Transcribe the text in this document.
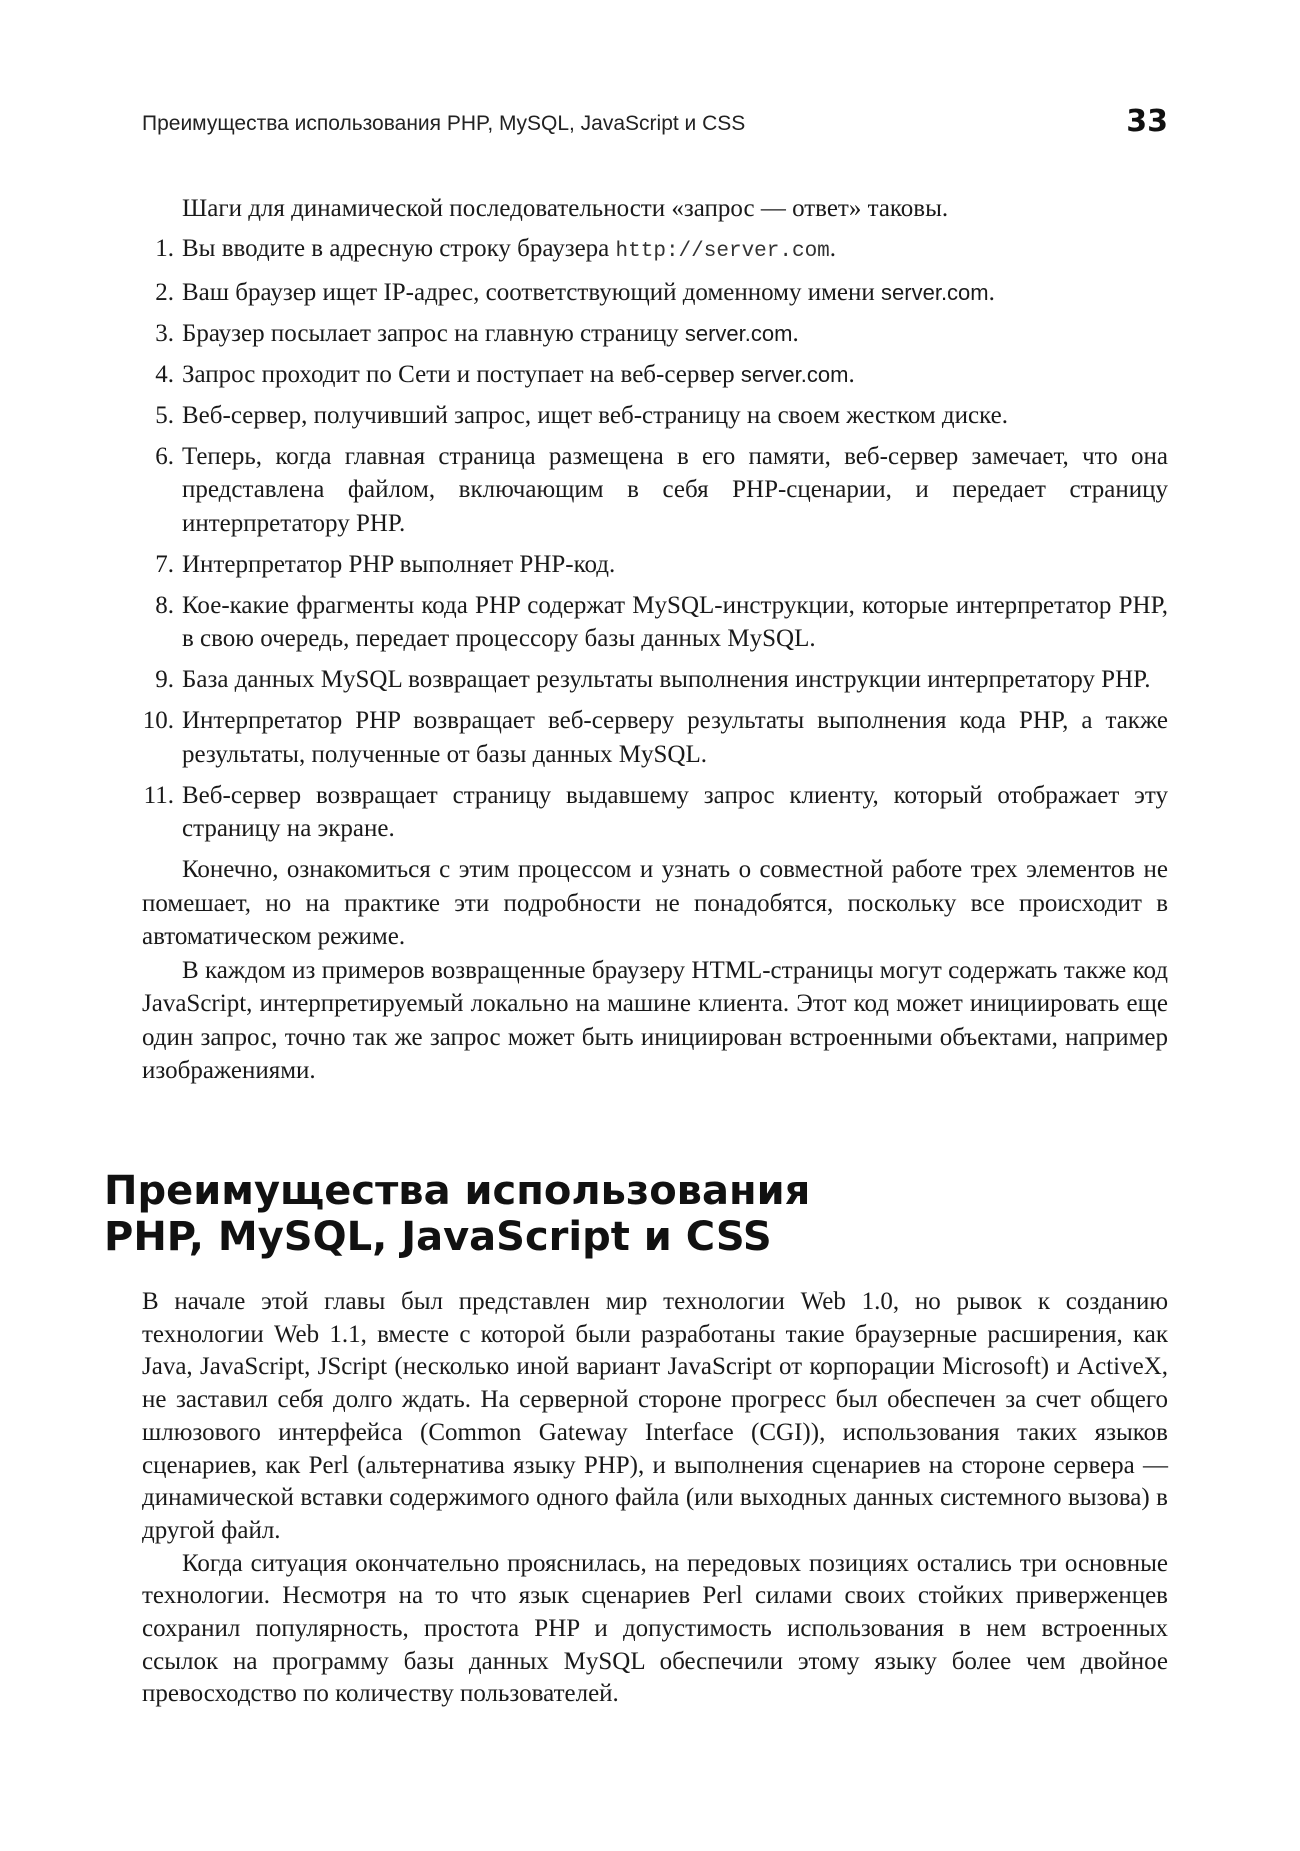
Преимущества использования PHP, MySQL, JavaScript и CSS	33

Шаги для динамической последовательности «запрос — ответ» таковы.

1 . Вы вводите в адресную строку браузера http://server.com.
2 . Ваш браузер ищет IP-адрес, соответствующий доменному имени server.com.
3 . Браузер посылает запрос на главную страницу server.com.
4 . Запрос проходит по Сети и поступает на веб-сервер server.com.
5 . Веб-сервер, получивший запрос, ищет веб-страницу на своем жестком диске.
6 . Теперь, когда главная страница размещена в его памяти, веб-сервер замечает, что она представлена файлом, включающим в себя PHP-сценарии, и передает страницу интерпретатору PHP.
7 . Интерпретатор PHP выполняет PHP-код.
8 . Кое-какие фрагменты кода PHP содержат MySQL-инструкции, которые интерпретатор PHP, в свою очередь, передает процессору базы данных MySQL.
9 . База данных MySQL возвращает результаты выполнения инструкции интерпретатору PHP.
10 . Интерпретатор PHP возвращает веб-серверу результаты выполнения кода PHP, а также результаты, полученные от базы данных MySQL.
11 . Веб-сервер возвращает страницу выдавшему запрос клиенту, который отображает эту страницу на экране.

Конечно, ознакомиться с этим процессом и узнать о совместной работе трех элементов не помешает, но на практике эти подробности не понадобятся, поскольку все происходит в автоматическом режиме.

В каждом из примеров возвращенные браузеру HTML-страницы могут содержать также код JavaScript, интерпретируемый локально на машине клиента. Этот код может инициировать еще один запрос, точно так же запрос может быть инициирован встроенными объектами, например изображениями.

Преимущества использования
PHP, MySQL, JavaScript и CSS

В начале этой главы был представлен мир технологии Web 1.0, но рывок к созданию технологии Web 1.1, вместе с которой были разработаны такие браузерные расширения, как Java, JavaScript, JScript (несколько иной вариант JavaScript от корпорации Microsoft) и ActiveX, не заставил себя долго ждать. На серверной стороне прогресс был обеспечен за счет общего шлюзового интерфейса (Common Gateway Interface (CGI)), использования таких языков сценариев, как Perl (альтернатива языку PHP), и выполнения сценариев на стороне сервера —динамической вставки содержимого одного файла (или выходных данных системного вызова) в другой файл.

Когда ситуация окончательно прояснилась, на передовых позициях остались три основные технологии. Несмотря на то что язык сценариев Perl силами своих стойких приверженцев сохранил популярность, простота PHP и допустимость использования в нем встроенных ссылок на программу базы данных MySQL обеспечили этому языку более чем двойное превосходство по количеству пользователей.
